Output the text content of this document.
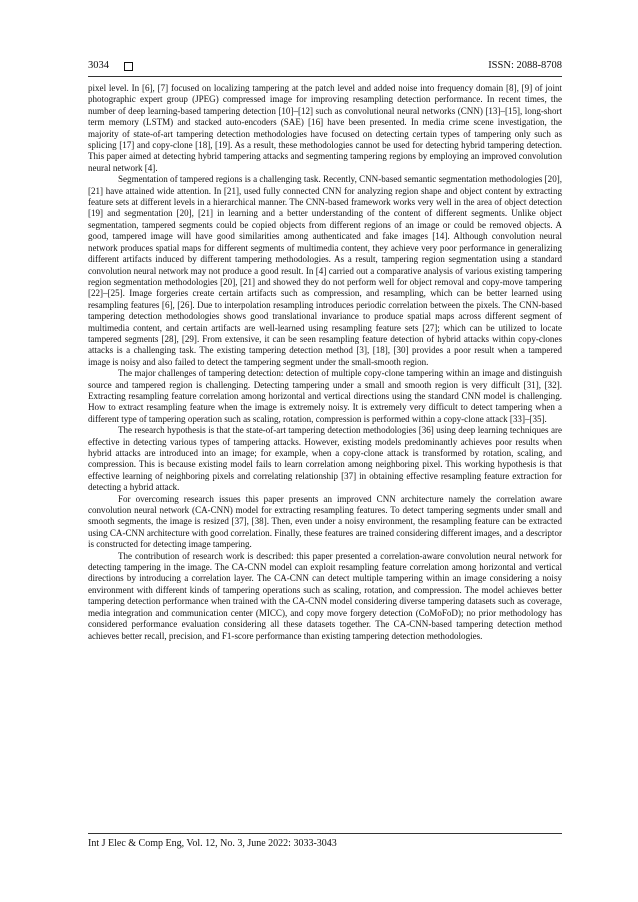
3034	ISSN: 2088-8708

pixel level. In [6], [7] focused on localizing tampering at the patch level and added noise into frequency domain [8], [9] of joint photographic expert group (JPEG) compressed image for improving resampling detection performance. In recent times, the number of deep learning-based tampering detection [10]–[12] such as convolutional neural networks (CNN) [13]–[15], long-short term memory (LSTM) and stacked auto-encoders (SAE) [16] have been presented. In media crime scene investigation, the majority of state-of-art tampering detection methodologies have focused on detecting certain types of tampering only such as splicing [17] and copy-clone [18], [19]. As a result, these methodologies cannot be used for detecting hybrid tampering detection. This paper aimed at detecting hybrid tampering attacks and segmenting tampering regions by employing an improved convolution neural network [4].

Segmentation of tampered regions is a challenging task. Recently, CNN-based semantic segmentation methodologies [20], [21] have attained wide attention. In [21], used fully connected CNN for analyzing region shape and object content by extracting feature sets at different levels in a hierarchical manner. The CNN-based framework works very well in the area of object detection [19] and segmentation [20], [21] in learning and a better understanding of the content of different segments. Unlike object segmentation, tampered segments could be copied objects from different regions of an image or could be removed objects. A good, tampered image will have good similarities among authenticated and fake images [14]. Although convolution neural network produces spatial maps for different segments of multimedia content, they achieve very poor performance in generalizing different artifacts induced by different tampering methodologies. As a result, tampering region segmentation using a standard convolution neural network may not produce a good result. In [4] carried out a comparative analysis of various existing tampering region segmentation methodologies [20], [21] and showed they do not perform well for object removal and copy-move tampering [22]–[25]. Image forgeries create certain artifacts such as compression, and resampling, which can be better learned using resampling features [6], [26]. Due to interpolation resampling introduces periodic correlation between the pixels. The CNN-based tampering detection methodologies shows good translational invariance to produce spatial maps across different segment of multimedia content, and certain artifacts are well-learned using resampling feature sets [27]; which can be utilized to locate tampered segments [28], [29]. From extensive, it can be seen resampling feature detection of hybrid attacks within copy-clones attacks is a challenging task. The existing tampering detection method [3], [18], [30] provides a poor result when a tampered image is noisy and also failed to detect the tampering segment under the small-smooth region.

The major challenges of tampering detection: detection of multiple copy-clone tampering within an image and distinguish source and tampered region is challenging. Detecting tampering under a small and smooth region is very difficult [31], [32]. Extracting resampling feature correlation among horizontal and vertical directions using the standard CNN model is challenging. How to extract resampling feature when the image is extremely noisy. It is extremely very difficult to detect tampering when a different type of tampering operation such as scaling, rotation, compression is performed within a copy-clone attack [33]–[35].

The research hypothesis is that the state-of-art tampering detection methodologies [36] using deep learning techniques are effective in detecting various types of tampering attacks. However, existing models predominantly achieves poor results when hybrid attacks are introduced into an image; for example, when a copy-clone attack is transformed by rotation, scaling, and compression. This is because existing model fails to learn correlation among neighboring pixel. This working hypothesis is that effective learning of neighboring pixels and correlating relationship [37] in obtaining effective resampling feature extraction for detecting a hybrid attack.

For overcoming research issues this paper presents an improved CNN architecture namely the correlation aware convolution neural network (CA-CNN) model for extracting resampling features. To detect tampering segments under small and smooth segments, the image is resized [37], [38]. Then, even under a noisy environment, the resampling feature can be extracted using CA-CNN architecture with good correlation. Finally, these features are trained considering different images, and a descriptor is constructed for detecting image tampering.

The contribution of research work is described: this paper presented a correlation-aware convolution neural network for detecting tampering in the image. The CA-CNN model can exploit resampling feature correlation among horizontal and vertical directions by introducing a correlation layer. The CA-CNN can detect multiple tampering within an image considering a noisy environment with different kinds of tampering operations such as scaling, rotation, and compression. The model achieves better tampering detection performance when trained with the CA-CNN model considering diverse tampering datasets such as coverage, media integration and communication center (MICC), and copy move forgery detection (CoMoFoD); no prior methodology has considered performance evaluation considering all these datasets together. The CA-CNN-based tampering detection method achieves better recall, precision, and F1-score performance than existing tampering detection methodologies.

Int J Elec & Comp Eng, Vol. 12, No. 3, June 2022: 3033-3043
